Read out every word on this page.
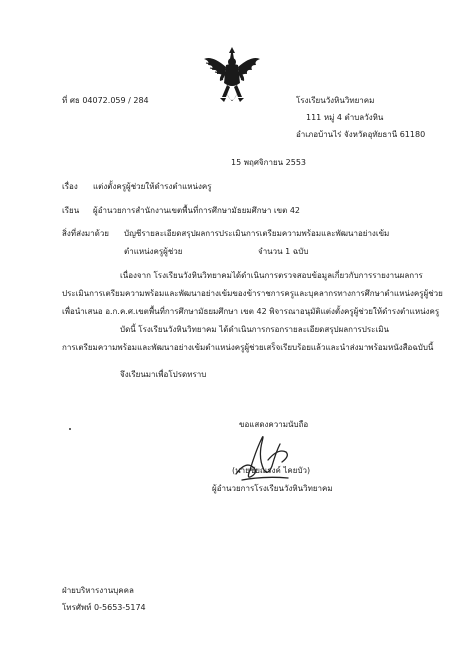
ที่ ศธ 04072.059 / 284	โรงเรียนวังหินวิทยาคม
111 หมู่ 4 ตำบลวังหิน
อำเภอบ้านไร่ จังหวัดอุทัยธานี 61180
15 พฤศจิกายน 2553
เรื่อง แต่งตั้งครูผู้ช่วยให้ดำรงตำแหน่งครู
เรียน ผู้อำนวยการสำนักงานเขตพื้นที่การศึกษามัธยมศึกษา เขต 42
สิ่งที่ส่งมาด้วย บัญชีรายละเอียดสรุปผลการประเมินการเตรียมความพร้อมและพัฒนาอย่างเข้ม
ตำแหน่งครูผู้ช่วย	จำนวน 1 ฉบับ
เนื่องจาก โรงเรียนวังหินวิทยาคมได้ดำเนินการตรวจสอบข้อมูลเกี่ยวกับการรายงานผลการ
ประเมินการเตรียมความพร้อมและพัฒนาอย่างเข้มของข้าราชการครูและบุคลากรทางการศึกษาตำแหน่งครูผู้ช่วย
เพื่อนำเสนอ อ.ก.ค.ศ.เขตพื้นที่การศึกษามัธยมศึกษา เขต 42 พิจารณาอนุมัติแต่งตั้งครูผู้ช่วยให้ดำรงตำแหน่งครู
บัดนี้ โรงเรียนวังหินวิทยาคม ได้ดำเนินการกรอกรายละเอียดสรุปผลการประเมิน
การเตรียมความพร้อมและพัฒนาอย่างเข้มตำแหน่งครูผู้ช่วยเสร็จเรียบร้อยแล้วและนำส่งมาพร้อมหนังสือฉบับนี้
จึงเรียนมาเพื่อโปรดทราบ
ขอแสดงความนับถือ
(นายชัยณรงค์ ไคยบัว)
ผู้อำนวยการโรงเรียนวังหินวิทยาคม
ฝ่ายบริหารงานบุคคล
โทรศัพท์ 0-5653-5174
